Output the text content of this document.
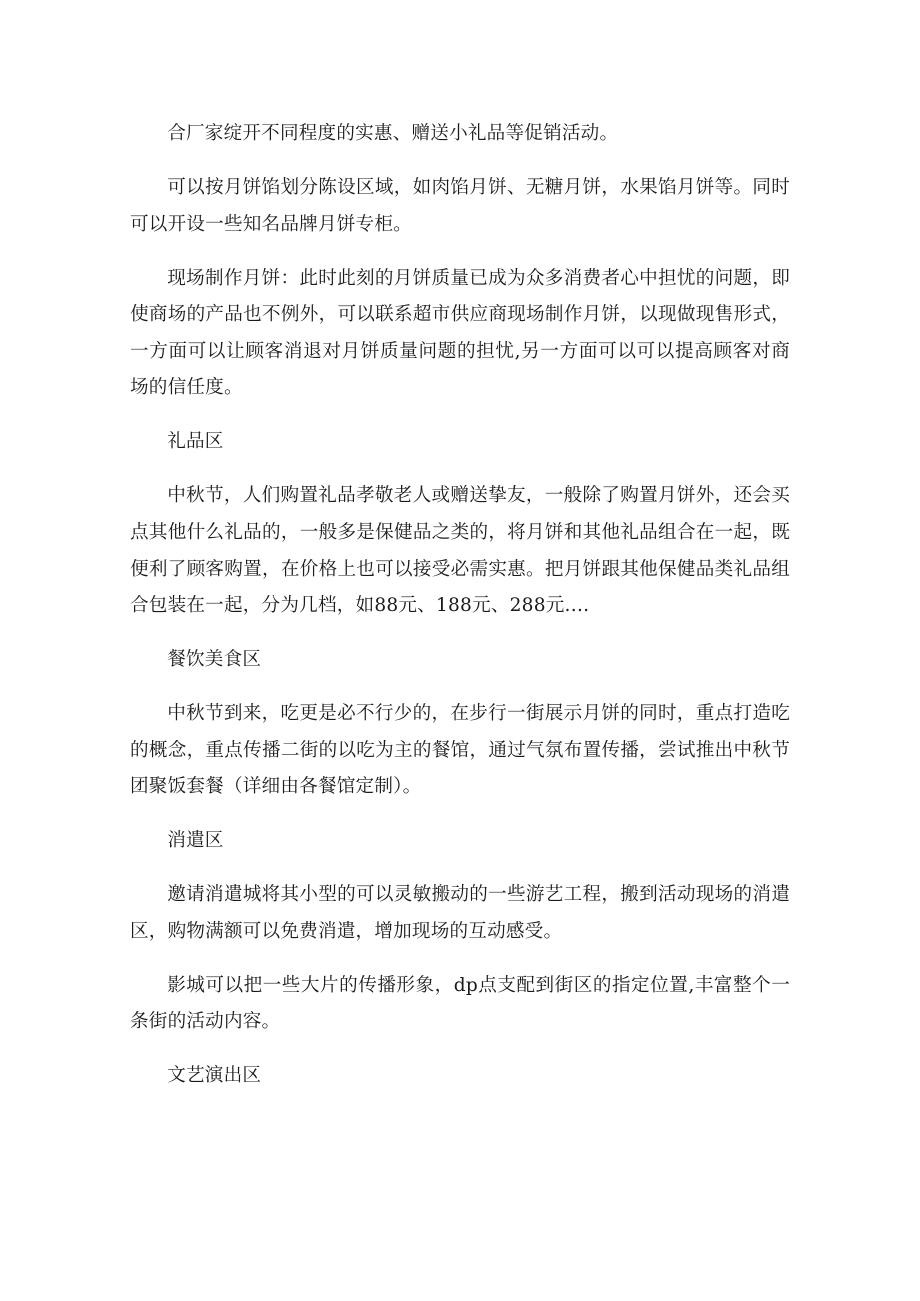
合厂家绽开不同程度的实惠、赠送小礼品等促销活动。

可以按月饼馅划分陈设区域，如肉馅月饼、无糖月饼，水果馅月饼等。同时可以开设一些知名品牌月饼专柜。

现场制作月饼：此时此刻的月饼质量已成为众多消费者心中担忧的问题，即使商场的产品也不例外，可以联系超市供应商现场制作月饼，以现做现售形式，一方面可以让顾客消退对月饼质量问题的担忧,另一方面可以可以提高顾客对商场的信任度。

礼品区

中秋节，人们购置礼品孝敬老人或赠送挚友，一般除了购置月饼外，还会买点其他什么礼品的，一般多是保健品之类的，将月饼和其他礼品组合在一起，既便利了顾客购置，在价格上也可以接受必需实惠。把月饼跟其他保健品类礼品组合包装在一起，分为几档，如88元、188元、288元.…

餐饮美食区

中秋节到来，吃更是必不行少的，在步行一街展示月饼的同时，重点打造吃的概念，重点传播二街的以吃为主的餐馆，通过气氛布置传播，尝试推出中秋节团聚饭套餐（详细由各餐馆定制）。

消遣区

邀请消遣城将其小型的可以灵敏搬动的一些游艺工程，搬到活动现场的消遣区，购物满额可以免费消遣，增加现场的互动感受。

影城可以把一些大片的传播形象，dp点支配到街区的指定位置,丰富整个一条街的活动内容。

文艺演出区
